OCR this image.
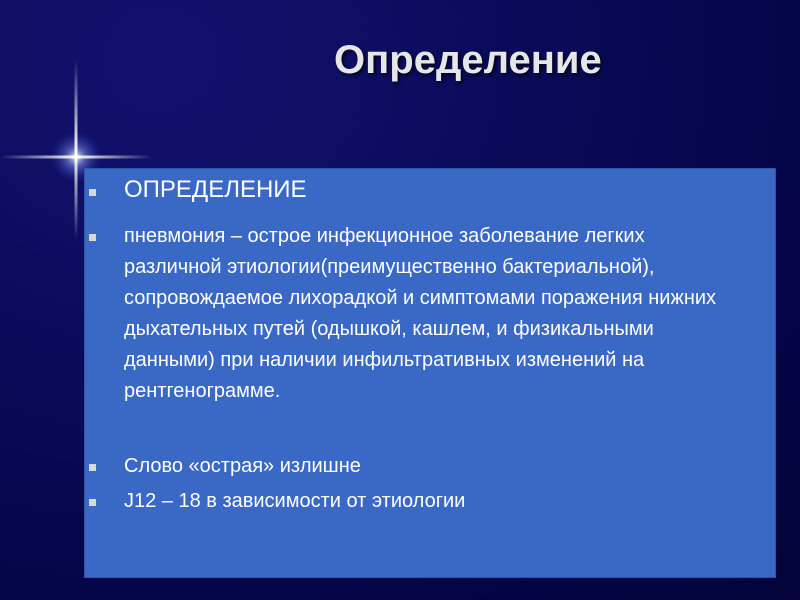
Определение
ОПРЕДЕЛЕНИЕ
пневмония – острое инфекционное заболевание легких различной этиологии(преимущественно бактериальной), сопровождаемое лихорадкой и симптомами поражения нижних дыхательных путей (одышкой, кашлем, и физикальными данными) при наличии инфильтративных изменений на рентгенограмме.
Слово «острая» излишне
J12 – 18 в зависимости от этиологии
